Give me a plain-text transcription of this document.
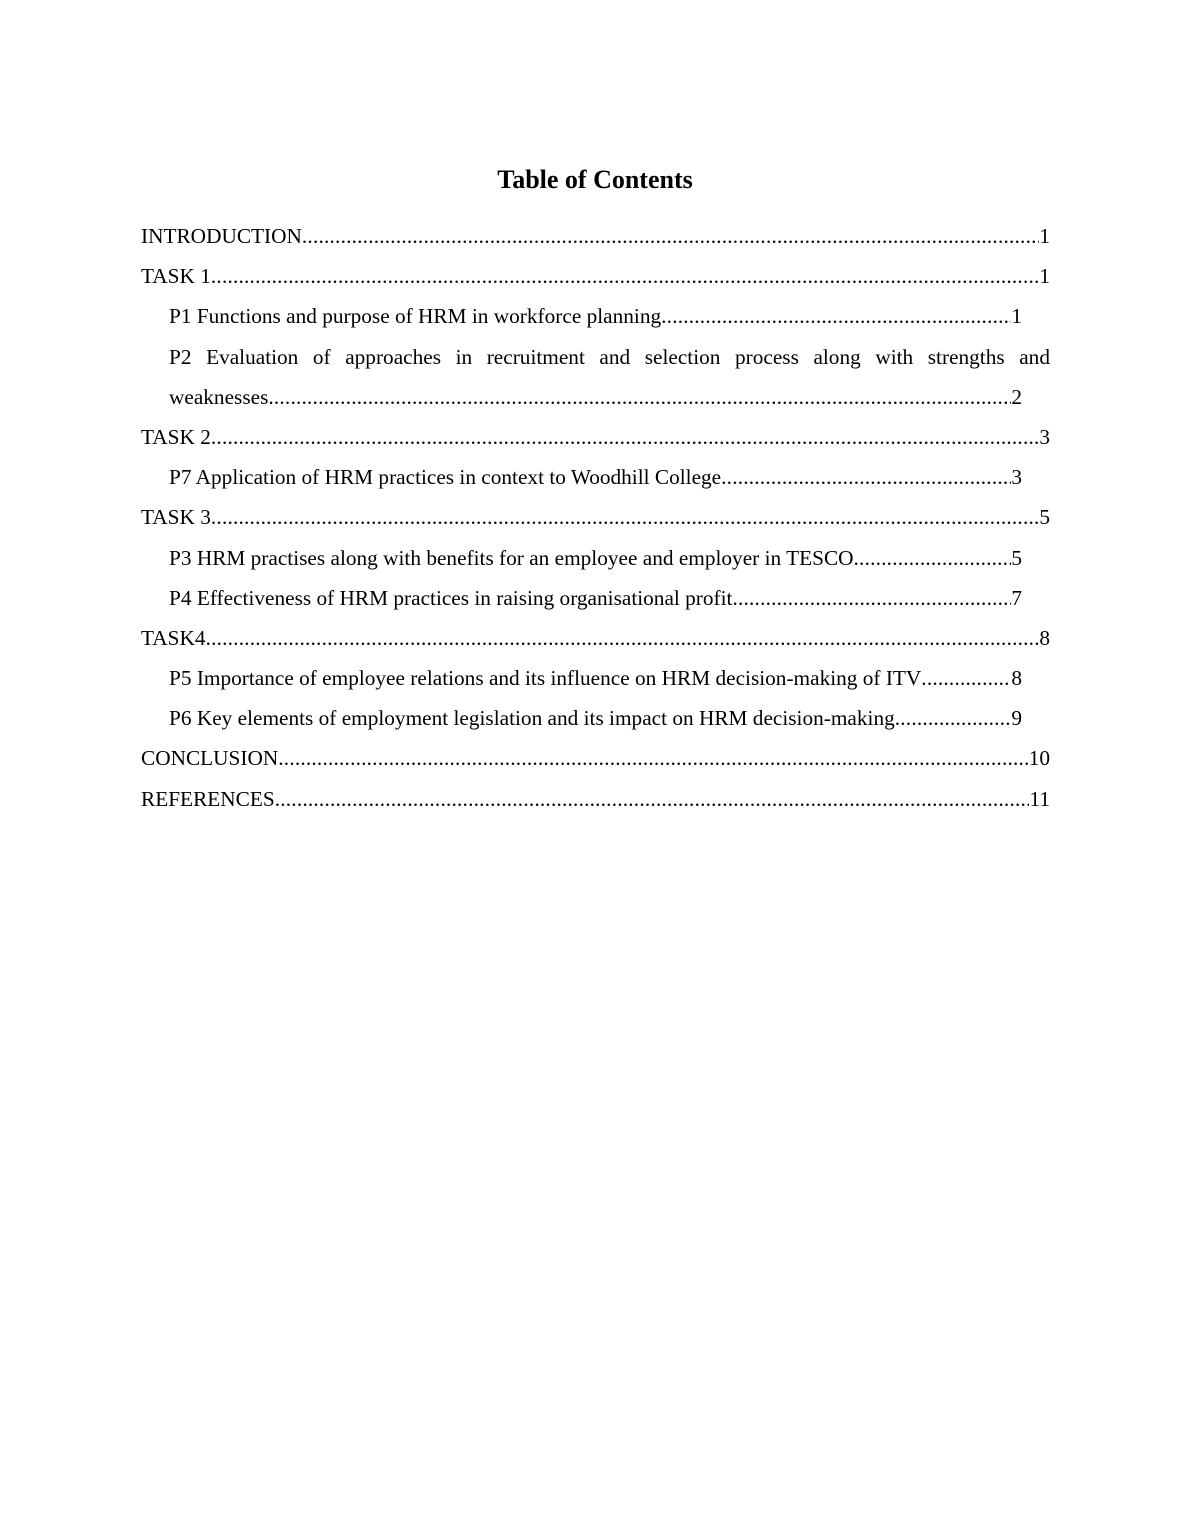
Table of Contents
INTRODUCTION .....	1
TASK 1 .....	1
P1 Functions and purpose of HRM in workforce planning .....	1
P2 Evaluation of approaches in recruitment and selection process along with strengths and
weaknesses .....	2
TASK 2 .....	3
P7 Application of HRM practices in context to Woodhill College .....	3
TASK 3 .....	5
P3 HRM practises along with benefits for an employee and employer in TESCO .....	5
P4 Effectiveness of HRM practices in raising organisational profit .....	7
TASK4 .....	8
P5 Importance of employee relations and its influence on HRM decision-making of ITV .....	8
P6 Key elements of employment legislation and its impact on HRM decision-making .....	9
CONCLUSION .....	10
REFERENCES .....	11
